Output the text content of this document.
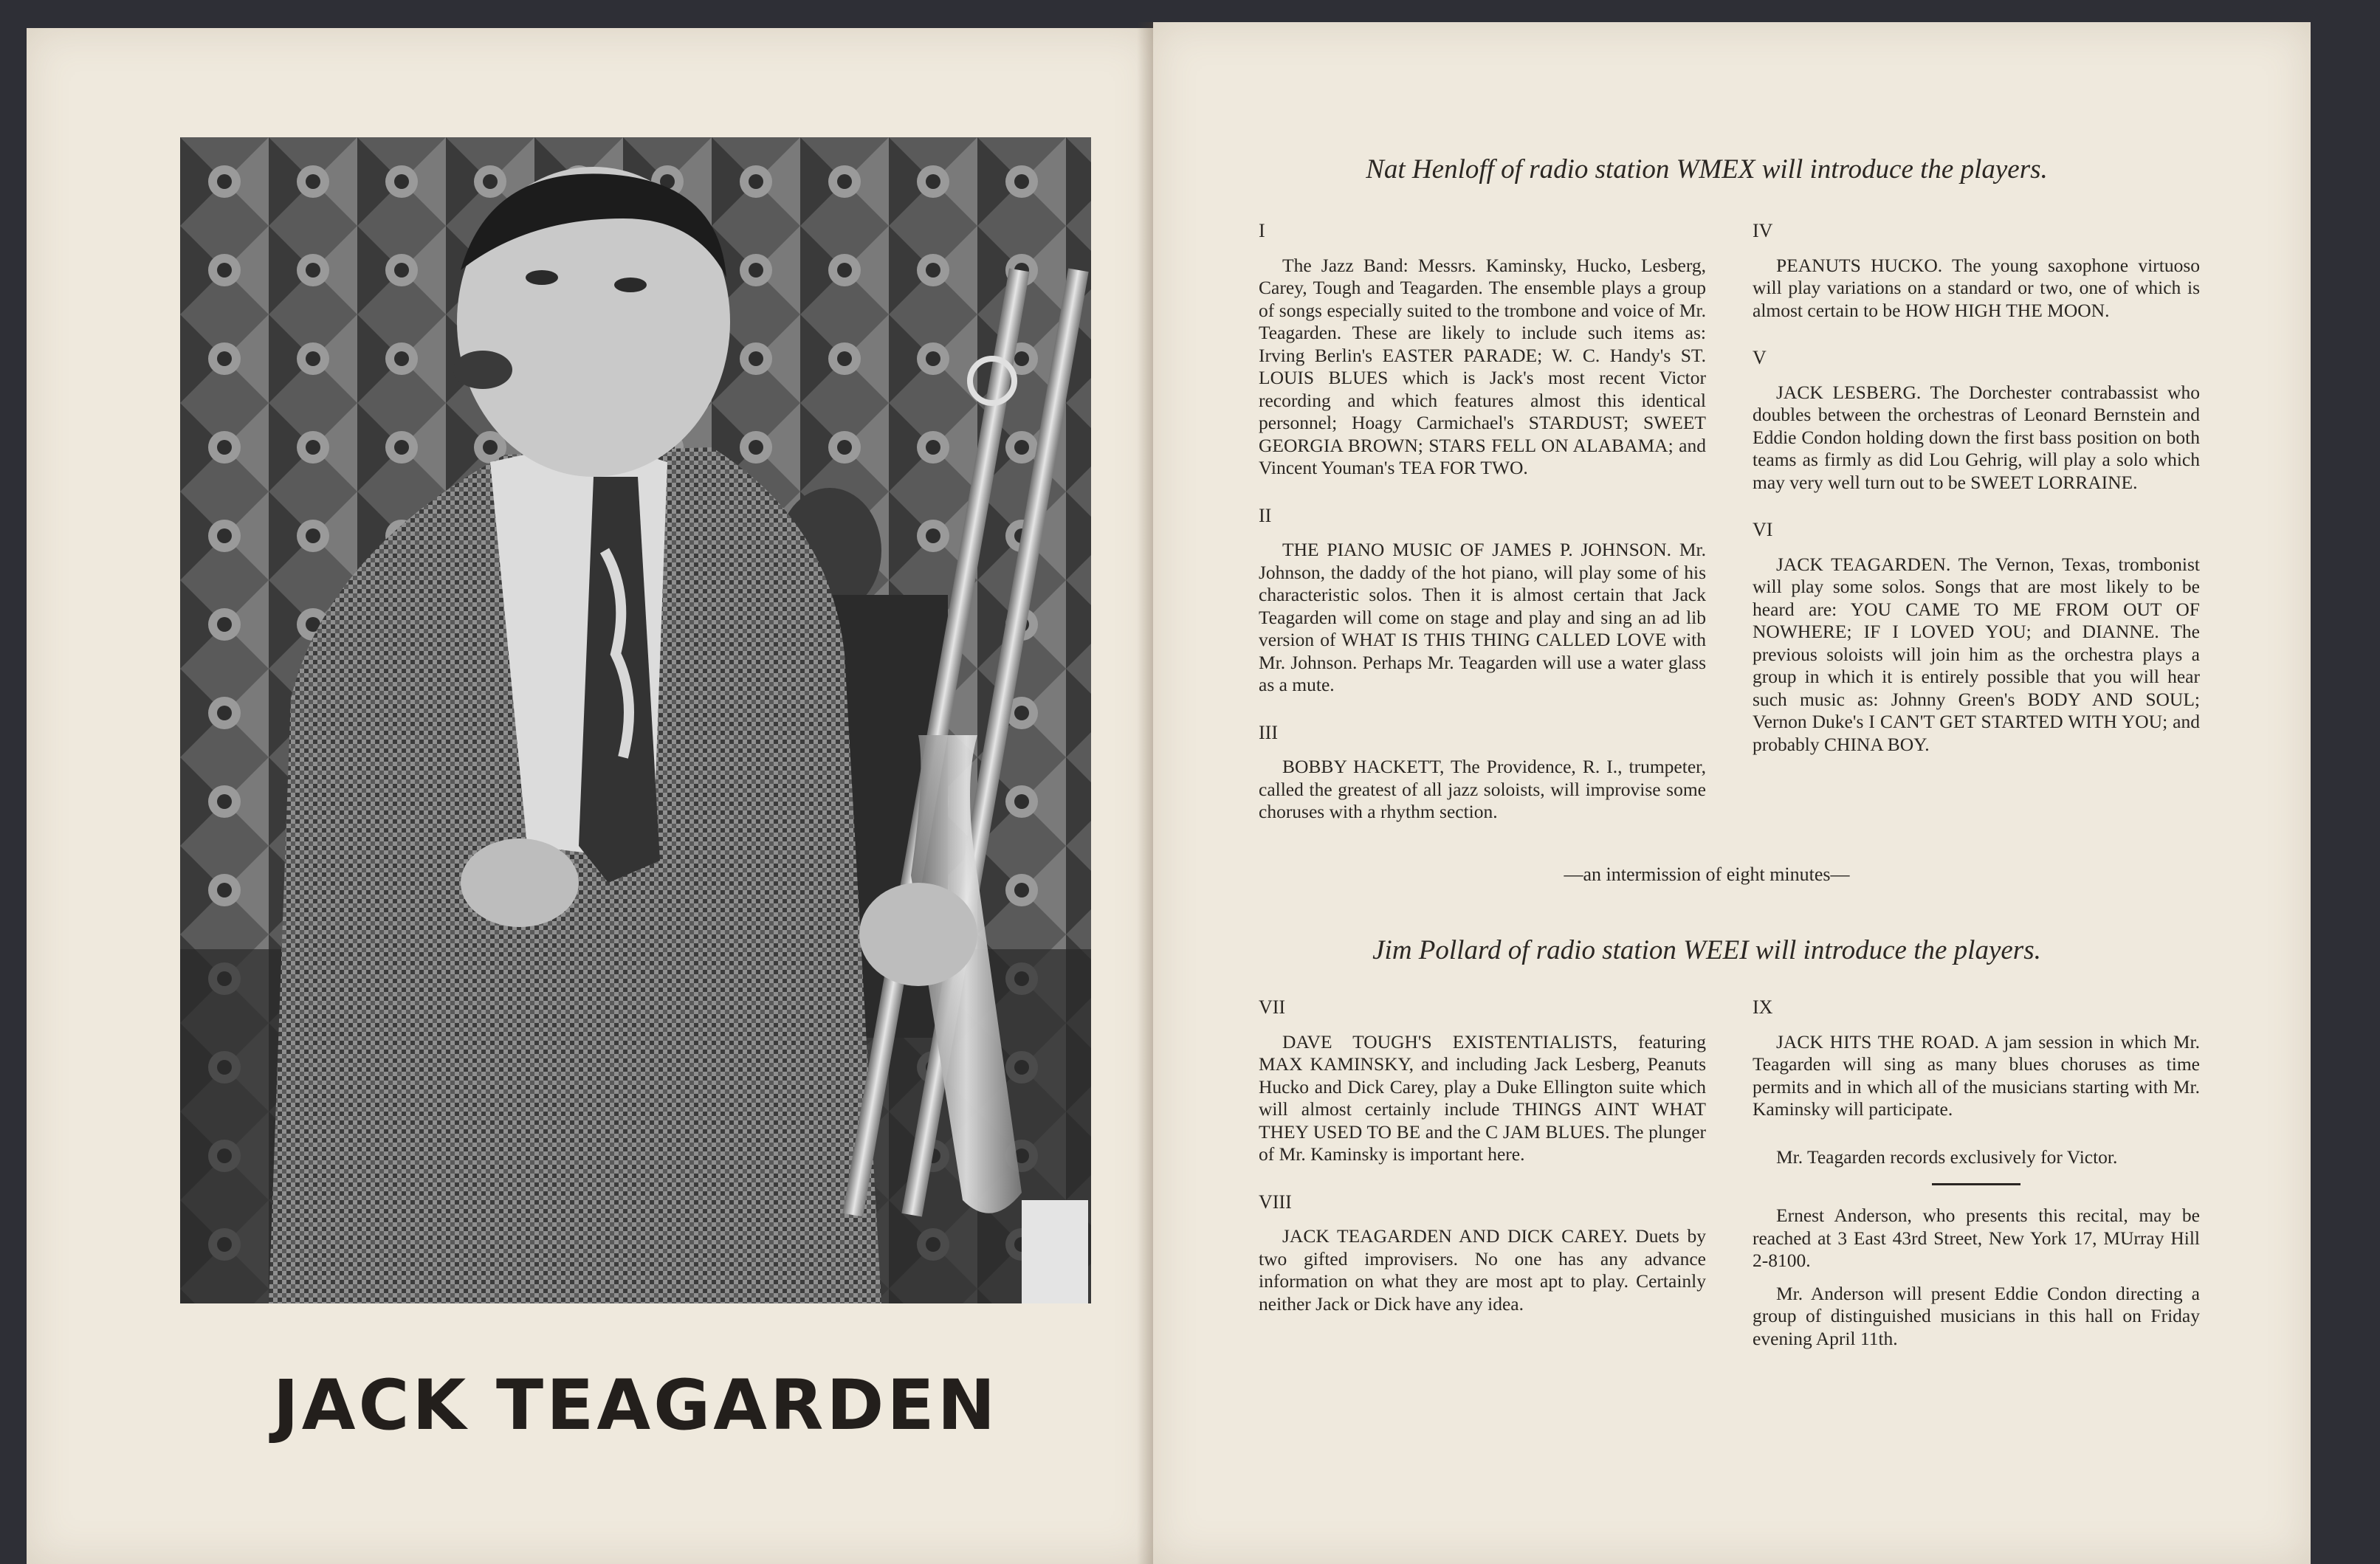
JACK TEAGARDEN

Nat Henloff of radio station WMEX will introduce the players.

I

The Jazz Band: Messrs. Kaminsky, Hucko, Lesberg, Carey, Tough and Teagarden. The ensemble plays a group of songs especially suited to the trombone and voice of Mr. Teagarden. These are likely to include such items as: Irving Berlin's EASTER PARADE; W. C. Handy's ST. LOUIS BLUES which is Jack's most recent Victor recording and which features almost this identical personnel; Hoagy Carmichael's STARDUST; SWEET GEORGIA BROWN; STARS FELL ON ALABAMA; and Vincent Youman's TEA FOR TWO.

II

THE PIANO MUSIC OF JAMES P. JOHNSON. Mr. Johnson, the daddy of the hot piano, will play some of his characteristic solos. Then it is almost certain that Jack Teagarden will come on stage and play and sing an ad lib version of WHAT IS THIS THING CALLED LOVE with Mr. Johnson. Perhaps Mr. Teagarden will use a water glass as a mute.

III

BOBBY HACKETT, The Providence, R. I., trumpeter, called the greatest of all jazz soloists, will improvise some choruses with a rhythm section.

IV

PEANUTS HUCKO. The young saxophone virtuoso will play variations on a standard or two, one of which is almost certain to be HOW HIGH THE MOON.

V

JACK LESBERG. The Dorchester contrabassist who doubles between the orchestras of Leonard Bernstein and Eddie Condon holding down the first bass position on both teams as firmly as did Lou Gehrig, will play a solo which may very well turn out to be SWEET LORRAINE.

VI

JACK TEAGARDEN. The Vernon, Texas, trombonist will play some solos. Songs that are most likely to be heard are: YOU CAME TO ME FROM OUT OF NOWHERE; IF I LOVED YOU; and DIANNE. The previous soloists will join him as the orchestra plays a group in which it is entirely possible that you will hear such music as: Johnny Green's BODY AND SOUL; Vernon Duke's I CAN'T GET STARTED WITH YOU; and probably CHINA BOY.

—an intermission of eight minutes—

Jim Pollard of radio station WEEI will introduce the players.

VII

DAVE TOUGH'S EXISTENTIALISTS, featuring MAX KAMINSKY, and including Jack Lesberg, Peanuts Hucko and Dick Carey, play a Duke Ellington suite which will almost certainly include THINGS AINT WHAT THEY USED TO BE and the C JAM BLUES. The plunger of Mr. Kaminsky is important here.

VIII

JACK TEAGARDEN AND DICK CAREY. Duets by two gifted improvisers. No one has any advance information on what they are most apt to play. Certainly neither Jack or Dick have any idea.

IX

JACK HITS THE ROAD. A jam session in which Mr. Teagarden will sing as many blues choruses as time permits and in which all of the musicians starting with Mr. Kaminsky will participate.

Mr. Teagarden records exclusively for Victor.

Ernest Anderson, who presents this recital, may be reached at 3 East 43rd Street, New York 17, MUrray Hill 2-8100.

Mr. Anderson will present Eddie Condon directing a group of distinguished musicians in this hall on Friday evening April 11th.
